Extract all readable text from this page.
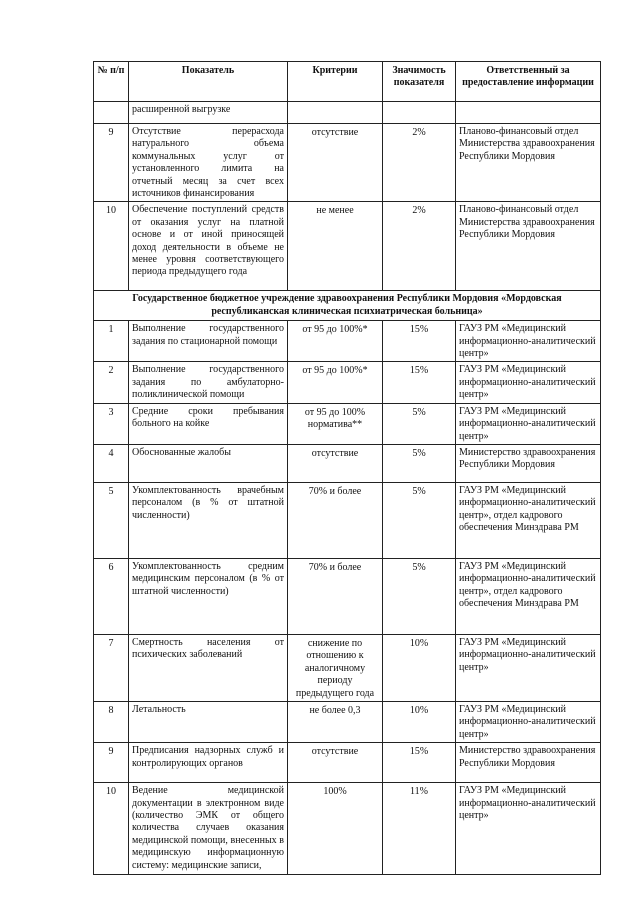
№ п/п	Показатель	Критерии	Значимость показателя	Ответственный за предоставление информации
	расширенной выгрузке			
9	Отсутствие перерасхода натурального объема коммунальных услуг от установленного лимита на отчетный месяц за счет всех источников финансирования	отсутствие	2%	Планово-финансовый отдел Министерства здравоохранения Республики Мордовия
10	Обеспечение поступлений средств от оказания услуг на платной основе и от иной приносящей доход деятельности в объеме не менее уровня соответствующего периода предыдущего года	не менее	2%	Планово-финансовый отдел Министерства здравоохранения Республики Мордовия
Государственное бюджетное учреждение здравоохранения Республики Мордовия «Мордовская республиканская клиническая психиатрическая больница»				
1	Выполнение государственного задания по стационарной помощи	от 95 до 100%*	15%	ГАУЗ РМ «Медицинский информационно-аналитический центр»
2	Выполнение государственного задания по амбулаторно-поликлинической помощи	от 95 до 100%*	15%	ГАУЗ РМ «Медицинский информационно-аналитический центр»
3	Средние сроки пребывания больного на койке	от 95 до 100% норматива**	5%	ГАУЗ РМ «Медицинский информационно-аналитический центр»
4	Обоснованные жалобы	отсутствие	5%	Министерство здравоохранения Республики Мордовия
5	Укомплектованность врачебным персоналом (в % от штатной численности)	70% и более	5%	ГАУЗ РМ «Медицинский информационно-аналитический центр», отдел кадрового обеспечения Минздрава РМ
6	Укомплектованность средним медицинским персоналом (в % от штатной численности)	70% и более	5%	ГАУЗ РМ «Медицинский информационно-аналитический центр», отдел кадрового обеспечения Минздрава РМ
7	Смертность населения от психических заболеваний	снижение по отношению к аналогичному периоду предыдущего года	10%	ГАУЗ РМ «Медицинский информационно-аналитический центр»
8	Летальность	не более 0,3	10%	ГАУЗ РМ «Медицинский информационно-аналитический центр»
9	Предписания надзорных служб и контролирующих органов	отсутствие	15%	Министерство здравоохранения Республики Мордовия
10	Ведение медицинской документации в электронном виде (количество ЭМК от общего количества случаев оказания медицинской помощи, внесенных в медицинскую информационную систему: медицинские записи,	100%	11%	ГАУЗ РМ «Медицинский информационно-аналитический центр»
